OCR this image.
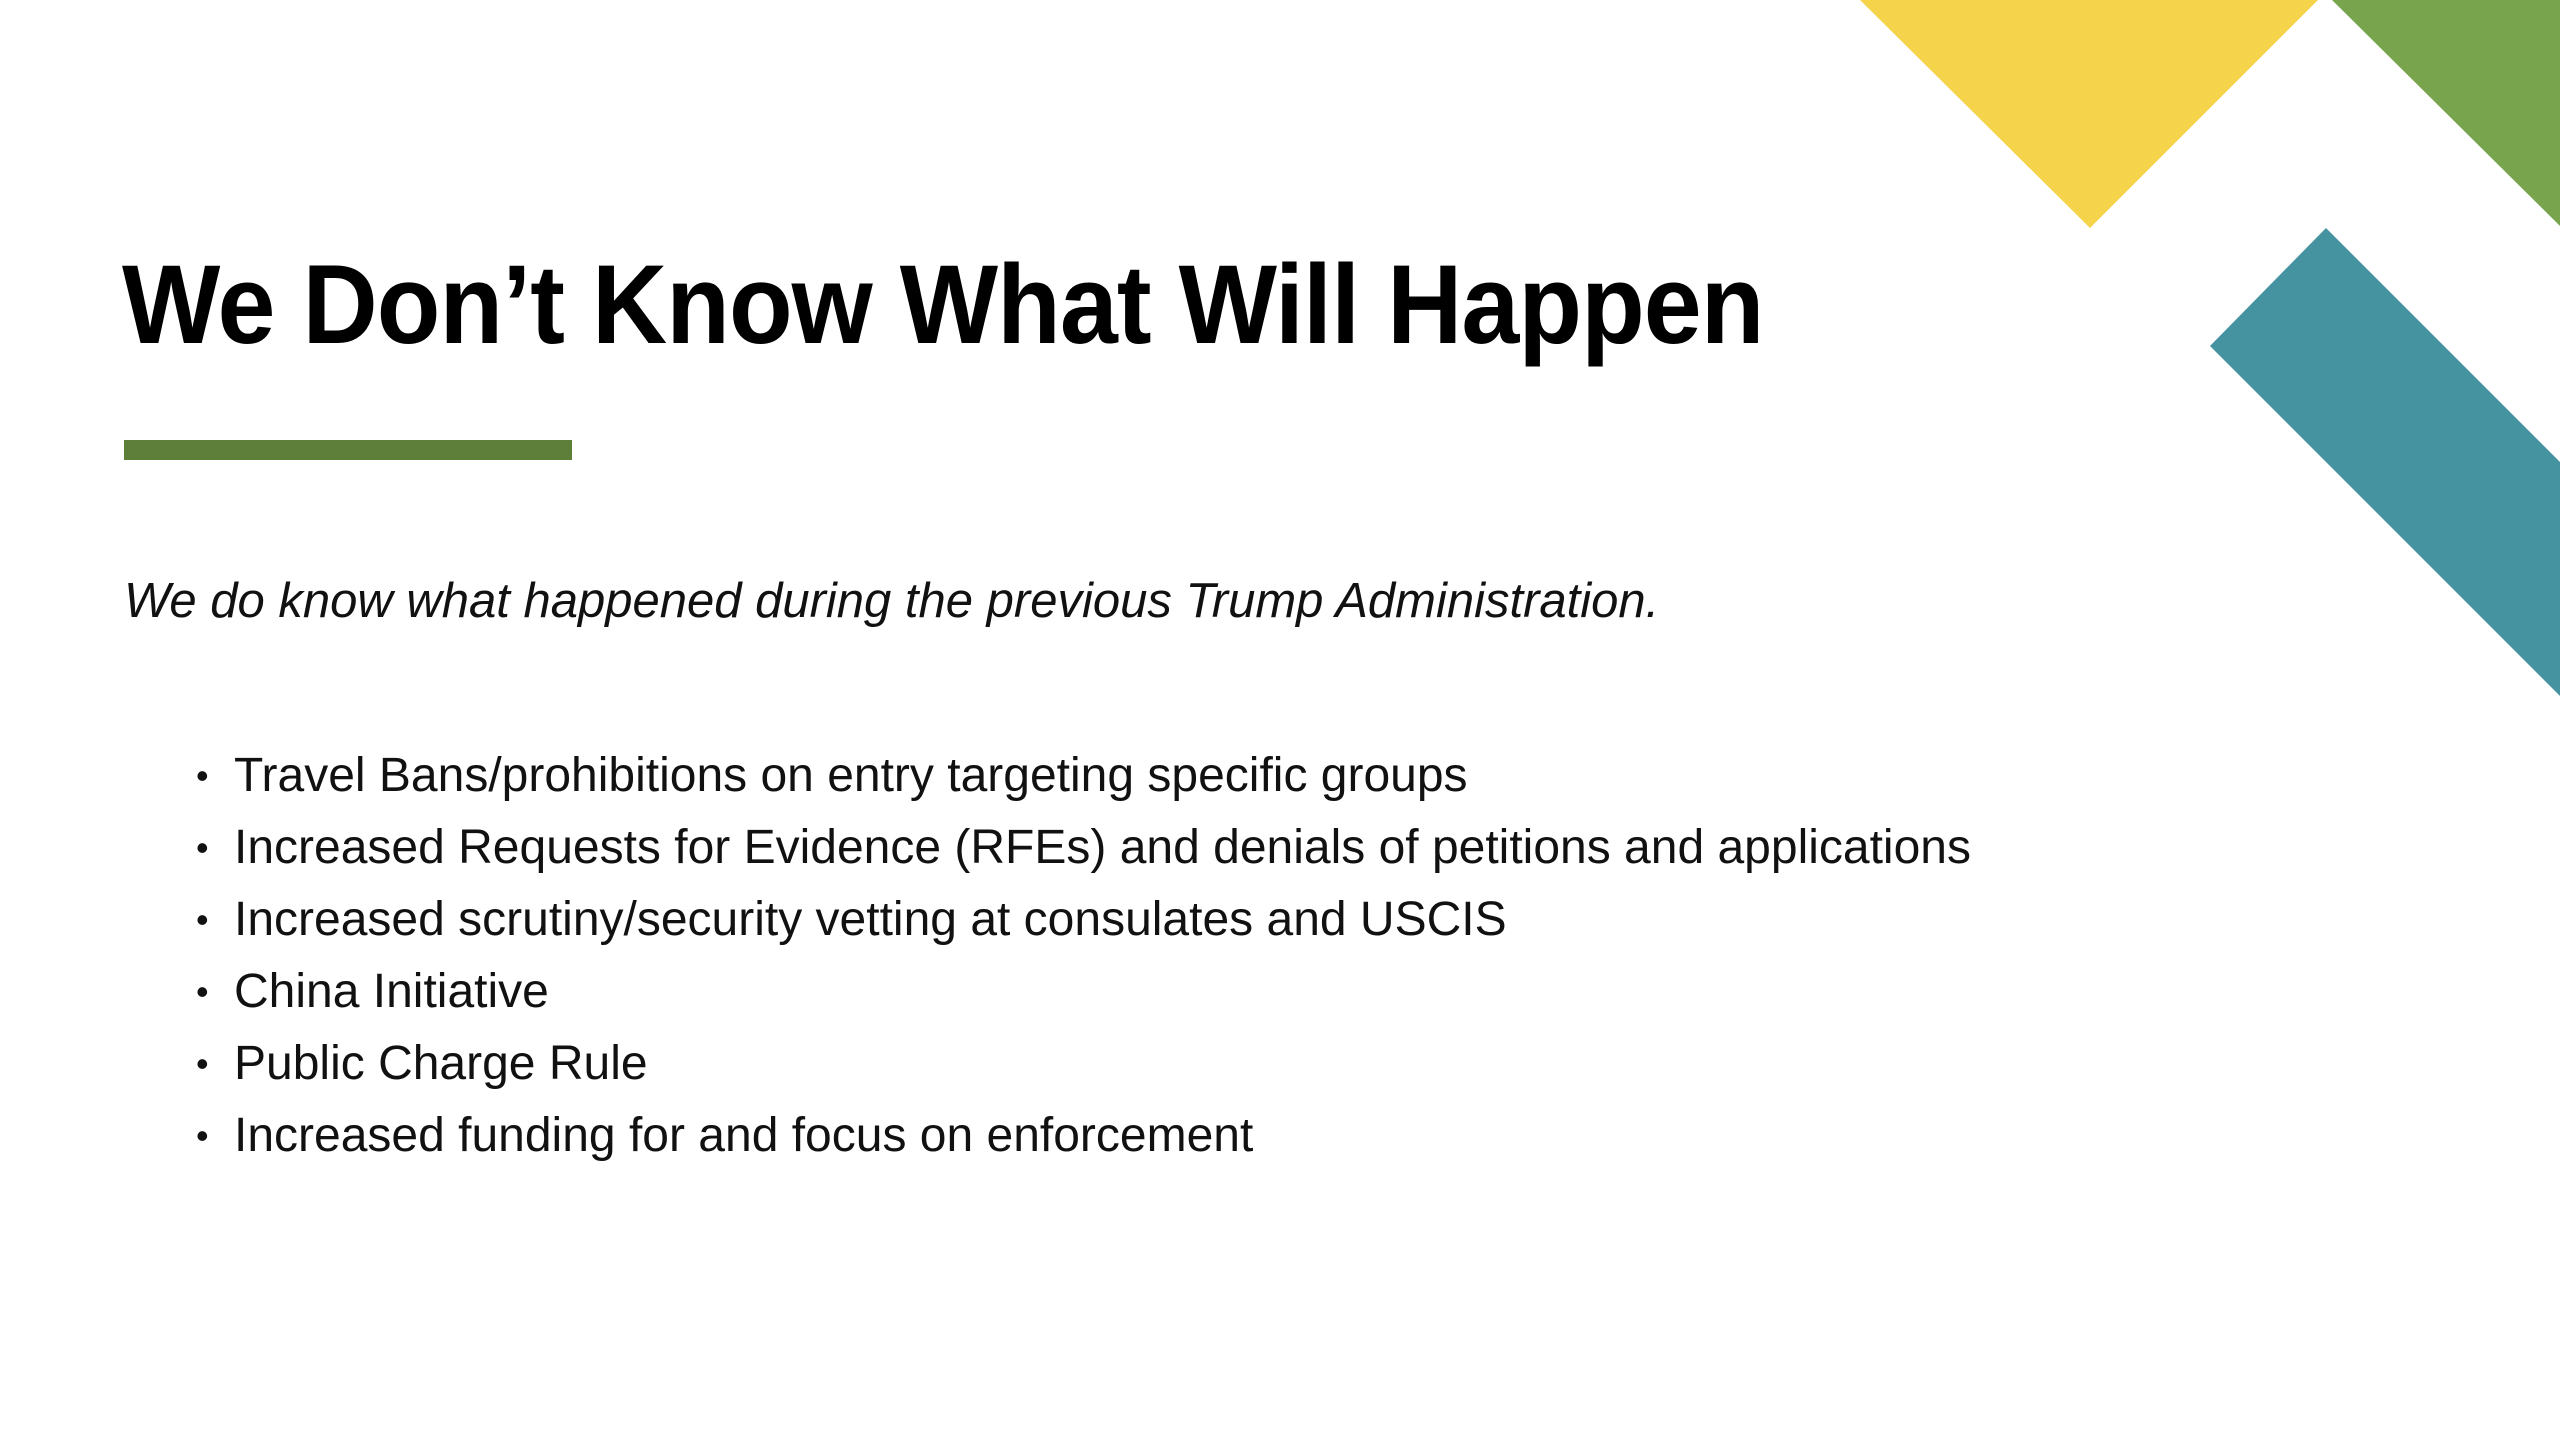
We Don’t Know What Will Happen

We do know what happened during the previous Trump Administration.

• Travel Bans/prohibitions on entry targeting specific groups
• Increased Requests for Evidence (RFEs) and denials of petitions and applications
• Increased scrutiny/security vetting at consulates and USCIS
• China Initiative
• Public Charge Rule
• Increased funding for and focus on enforcement
